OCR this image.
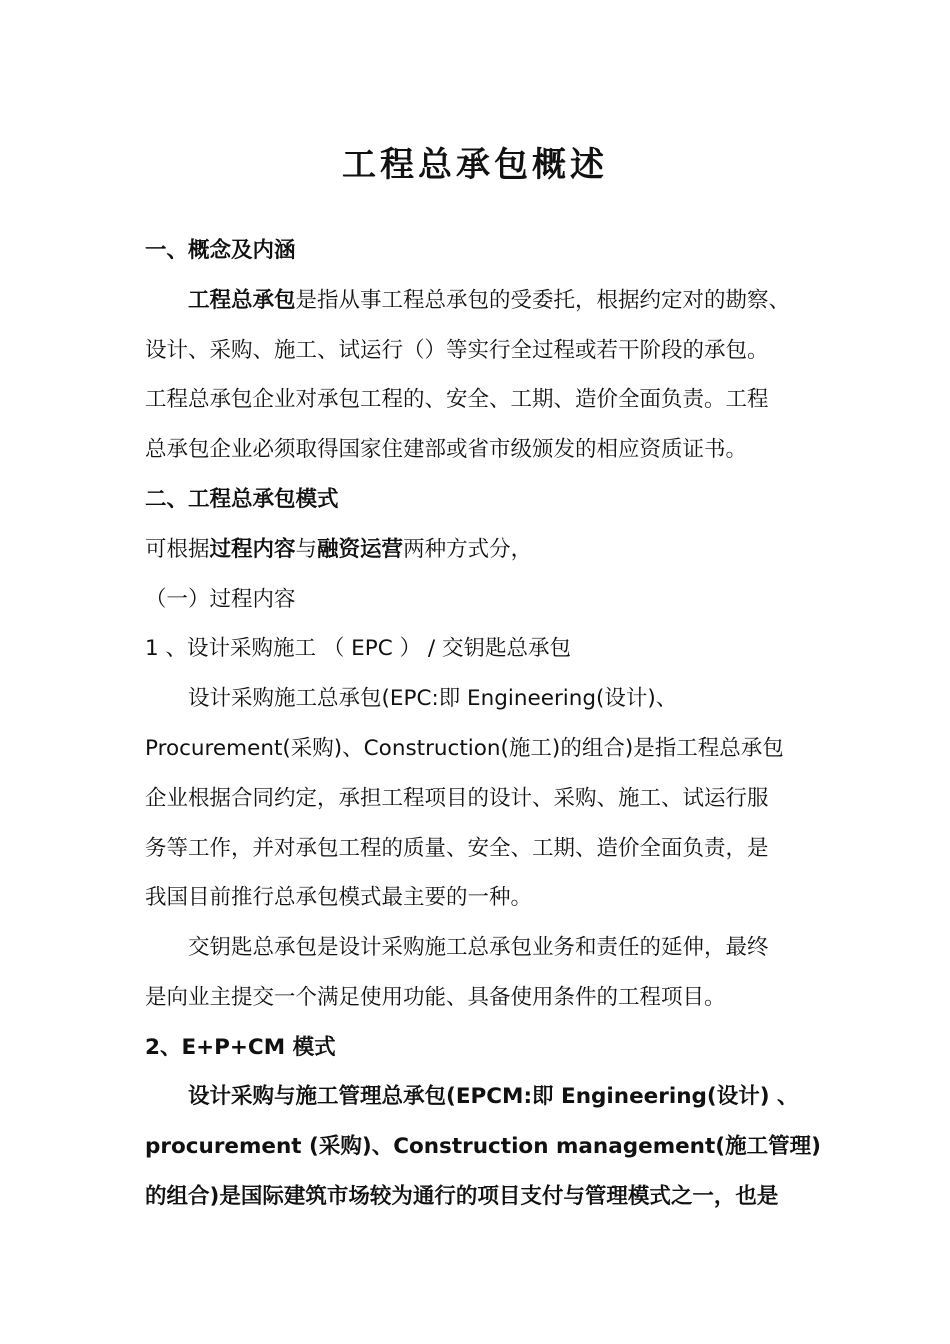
工程总承包概述
一、概念及内涵
工程总承包是指从事工程总承包的受委托，根据约定对的勘察、
设计、采购、施工、试运行（）等实行全过程或若干阶段的承包。
工程总承包企业对承包工程的、安全、工期、造价全面负责。工程
总承包企业必须取得国家住建部或省市级颁发的相应资质证书。
二、工程总承包模式
可根据过程内容与融资运营两种方式分，
（一）过程内容
1 、设计采购施工 （ EPC ） / 交钥匙总承包
设计采购施工总承包(EPC:即 Engineering(设计)、
Procurement(采购)、Construction(施工)的组合)是指工程总承包
企业根据合同约定，承担工程项目的设计、采购、施工、试运行服
务等工作，并对承包工程的质量、安全、工期、造价全面负责，是
我国目前推行总承包模式最主要的一种。
交钥匙总承包是设计采购施工总承包业务和责任的延伸，最终
是向业主提交一个满足使用功能、具备使用条件的工程项目。
2、E+P+CM 模式
设计采购与施工管理总承包(EPCM:即 Engineering(设计) 、
procurement (采购)、Construction management(施工管理)
的组合)是国际建筑市场较为通行的项目支付与管理模式之一，也是
